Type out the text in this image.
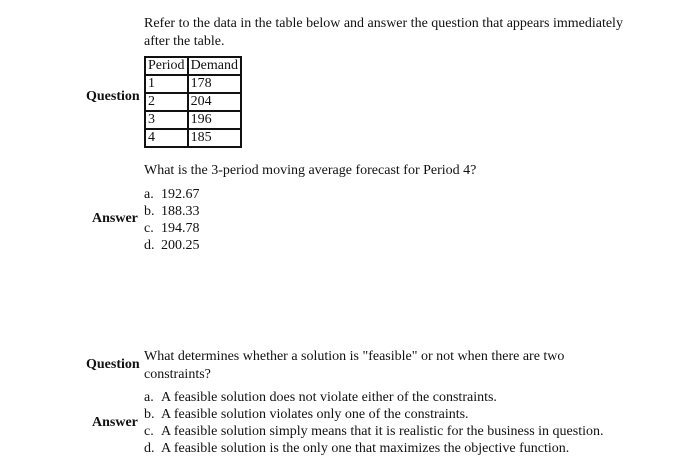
Refer to the data in the table below and answer the question that appears immediately
after the table.
Question
Period	Demand
1	178
2	204
3	196
4	185
What is the 3-period moving average forecast for Period 4?
Answer
a. 192.67
b. 188.33
c. 194.78
d. 200.25
Question
What determines whether a solution is "feasible" or not when there are two
constraints?
Answer
a. A feasible solution does not violate either of the constraints.
b. A feasible solution violates only one of the constraints.
c. A feasible solution simply means that it is realistic for the business in question.
d. A feasible solution is the only one that maximizes the objective function.
